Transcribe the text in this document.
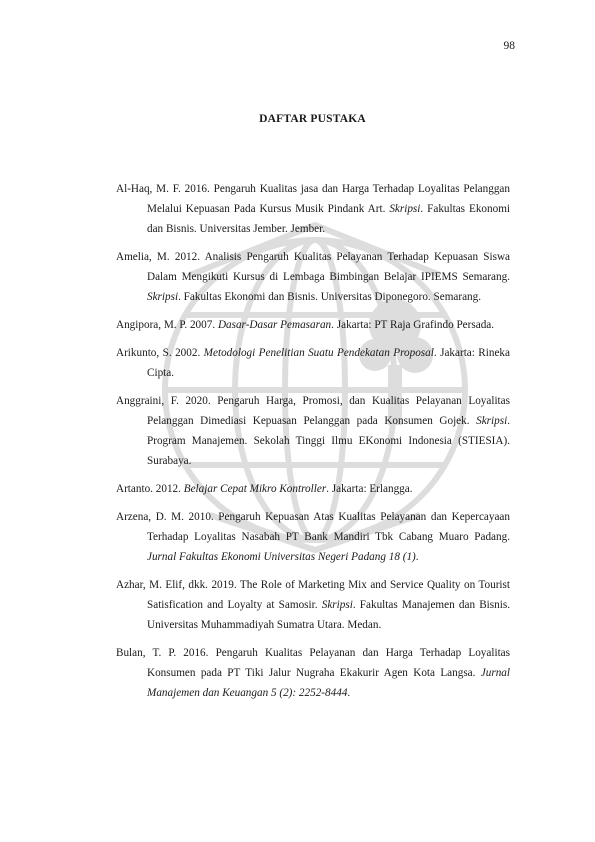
98
DAFTAR PUSTAKA
Al-Haq, M. F. 2016. Pengaruh Kualitas jasa dan Harga Terhadap Loyalitas Pelanggan Melalui Kepuasan Pada Kursus Musik Pindank Art. Skripsi. Fakultas Ekonomi dan Bisnis. Universitas Jember. Jember.
Amelia, M. 2012. Analisis Pengaruh Kualitas Pelayanan Terhadap Kepuasan Siswa Dalam Mengikuti Kursus di Lembaga Bimbingan Belajar IPIEMS Semarang. Skripsi. Fakultas Ekonomi dan Bisnis. Universitas Diponegoro. Semarang.
Angipora, M. P. 2007. Dasar-Dasar Pemasaran. Jakarta: PT Raja Grafindo Persada.
Arikunto, S. 2002. Metodologi Penelitian Suatu Pendekatan Proposal. Jakarta: Rineka Cipta.
Anggraini, F. 2020. Pengaruh Harga, Promosi, dan Kualitas Pelayanan Loyalitas Pelanggan Dimediasi Kepuasan Pelanggan pada Konsumen Gojek. Skripsi. Program Manajemen. Sekolah Tinggi Ilmu EKonomi Indonesia (STIESIA). Surabaya.
Artanto. 2012. Belajar Cepat Mikro Kontroller. Jakarta: Erlangga.
Arzena, D. M. 2010. Pengaruh Kepuasan Atas Kualitas Pelayanan dan Kepercayaan Terhadap Loyalitas Nasabah PT Bank Mandiri Tbk Cabang Muaro Padang. Jurnal Fakultas Ekonomi Universitas Negeri Padang 18 (1).
Azhar, M. Elif, dkk. 2019. The Role of Marketing Mix and Service Quality on Tourist Satisfication and Loyalty at Samosir. Skripsi. Fakultas Manajemen dan Bisnis. Universitas Muhammadiyah Sumatra Utara. Medan.
Bulan, T. P. 2016. Pengaruh Kualitas Pelayanan dan Harga Terhadap Loyalitas Konsumen pada PT Tiki Jalur Nugraha Ekakurir Agen Kota Langsa. Jurnal Manajemen dan Keuangan 5 (2): 2252-8444.
